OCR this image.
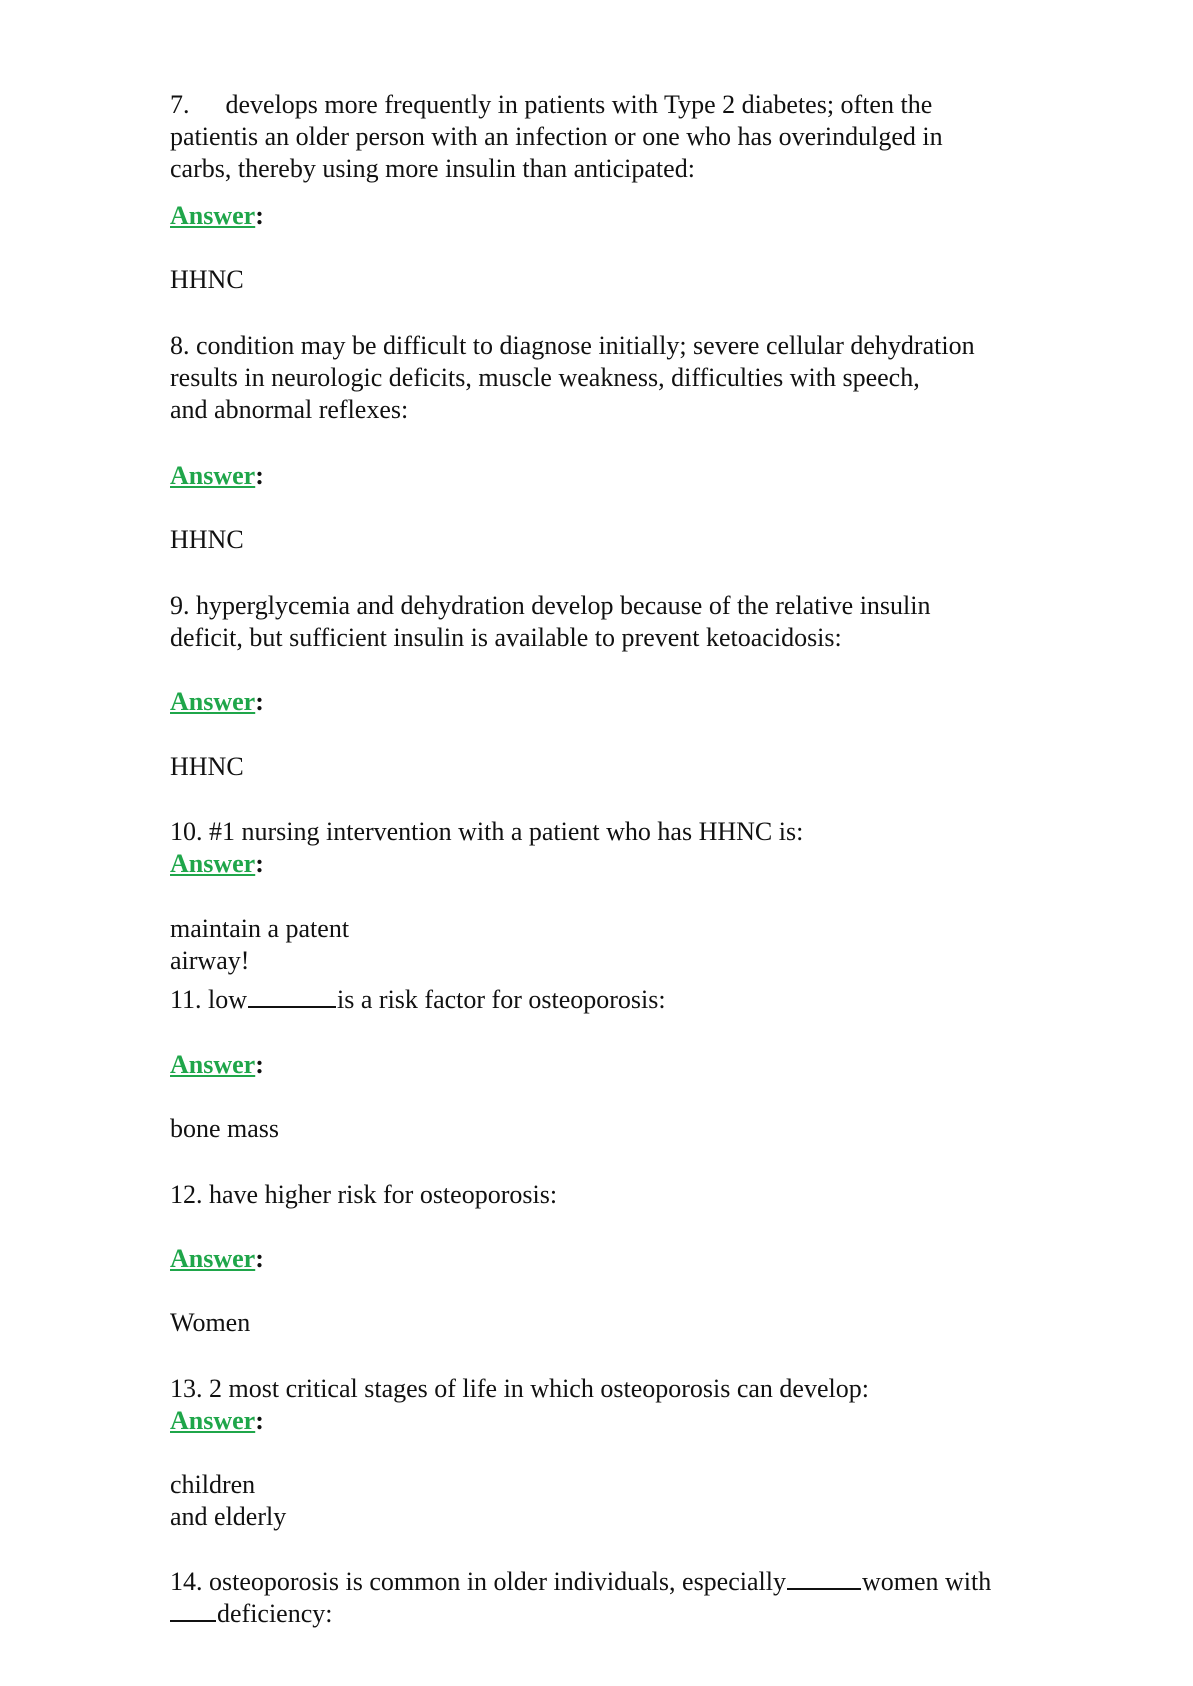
7. develops more frequently in patients with Type 2 diabetes; often the

patientis an older person with an infection or one who has overindulged in

carbs, thereby using more insulin than anticipated:

Answer:

HHNC

8. condition may be difficult to diagnose initially; severe cellular dehydration

results in neurologic deficits, muscle weakness, difficulties with speech,

and abnormal reflexes:

Answer:

HHNC

9. hyperglycemia and dehydration develop because of the relative insulin

deficit, but sufficient insulin is available to prevent ketoacidosis:

Answer:

HHNC

10. #1 nursing intervention with a patient who has HHNC is:

Answer:

maintain a patent

airway!

11. low	is a risk factor for osteoporosis:

Answer:

bone mass

12. have higher risk for osteoporosis:

Answer:

Women

13. 2 most critical stages of life in which osteoporosis can develop:

Answer:

children

and elderly

14. osteoporosis is common in older individuals, especially	women with

deficiency:
